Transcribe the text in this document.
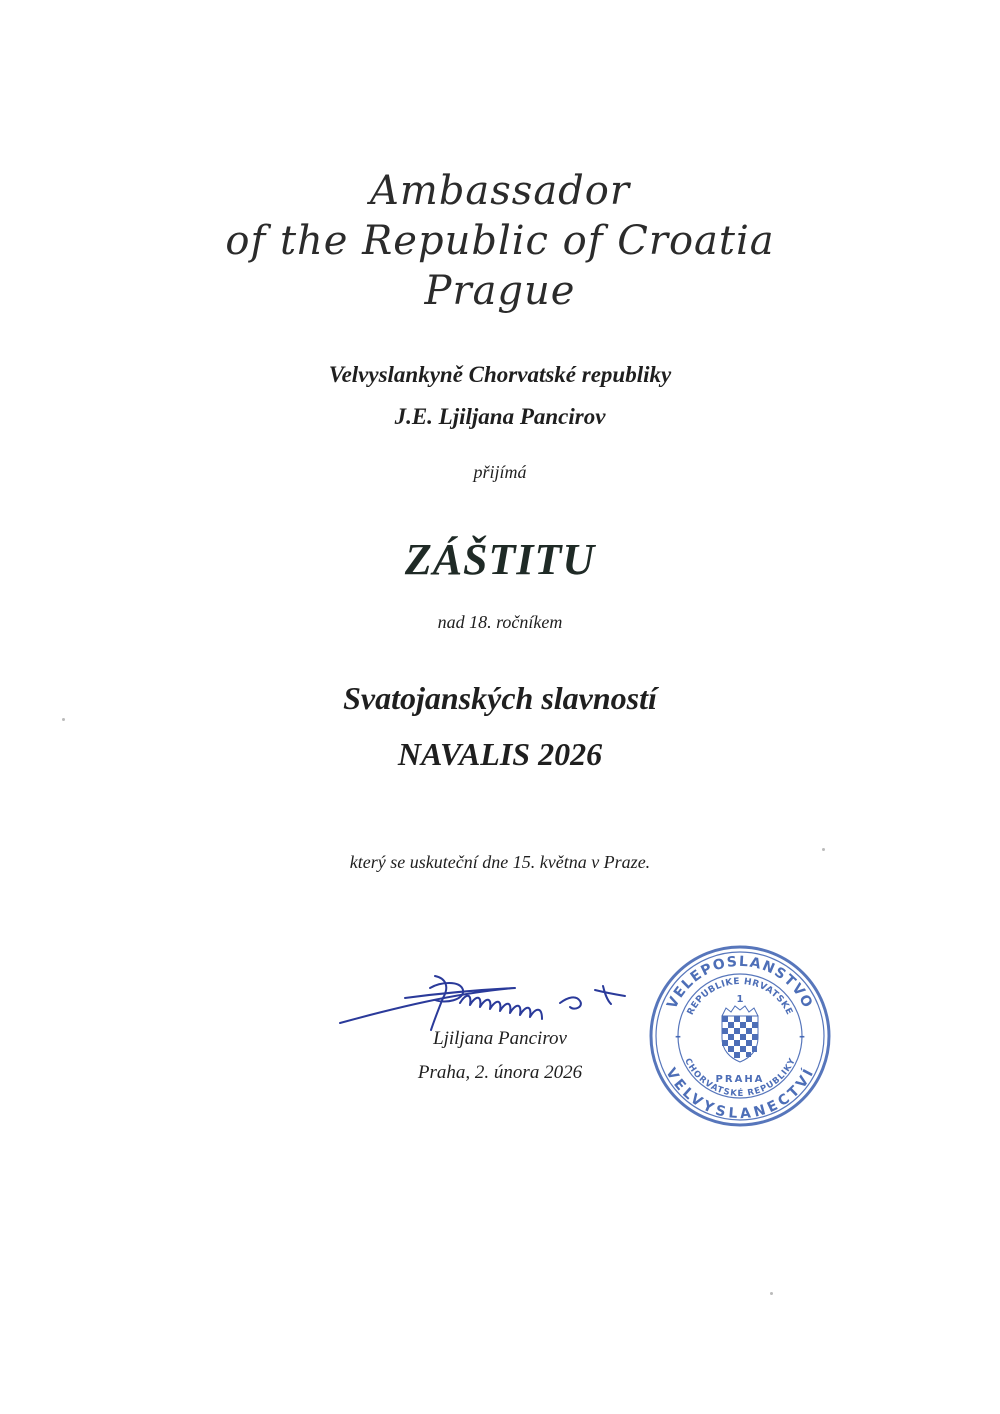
Ambassador
of the Republic of Croatia
Prague
Velvyslankyně Chorvatské republiky
J.E. Ljiljana Pancirov
přijímá
ZÁŠTITU
nad 18. ročníkem
Svatojanských slavností
NAVALIS 2026
který se uskuteční dne 15. května v Praze.
Ljiljana Pancirov
Praha, 2. února 2026
VELEPOSLANSTVO
VELVYSLANECTVÍ
REPUBLIKE HRVATSKE
CHORVATSKÉ REPUBLIKY
1
PRAHA
–	–
